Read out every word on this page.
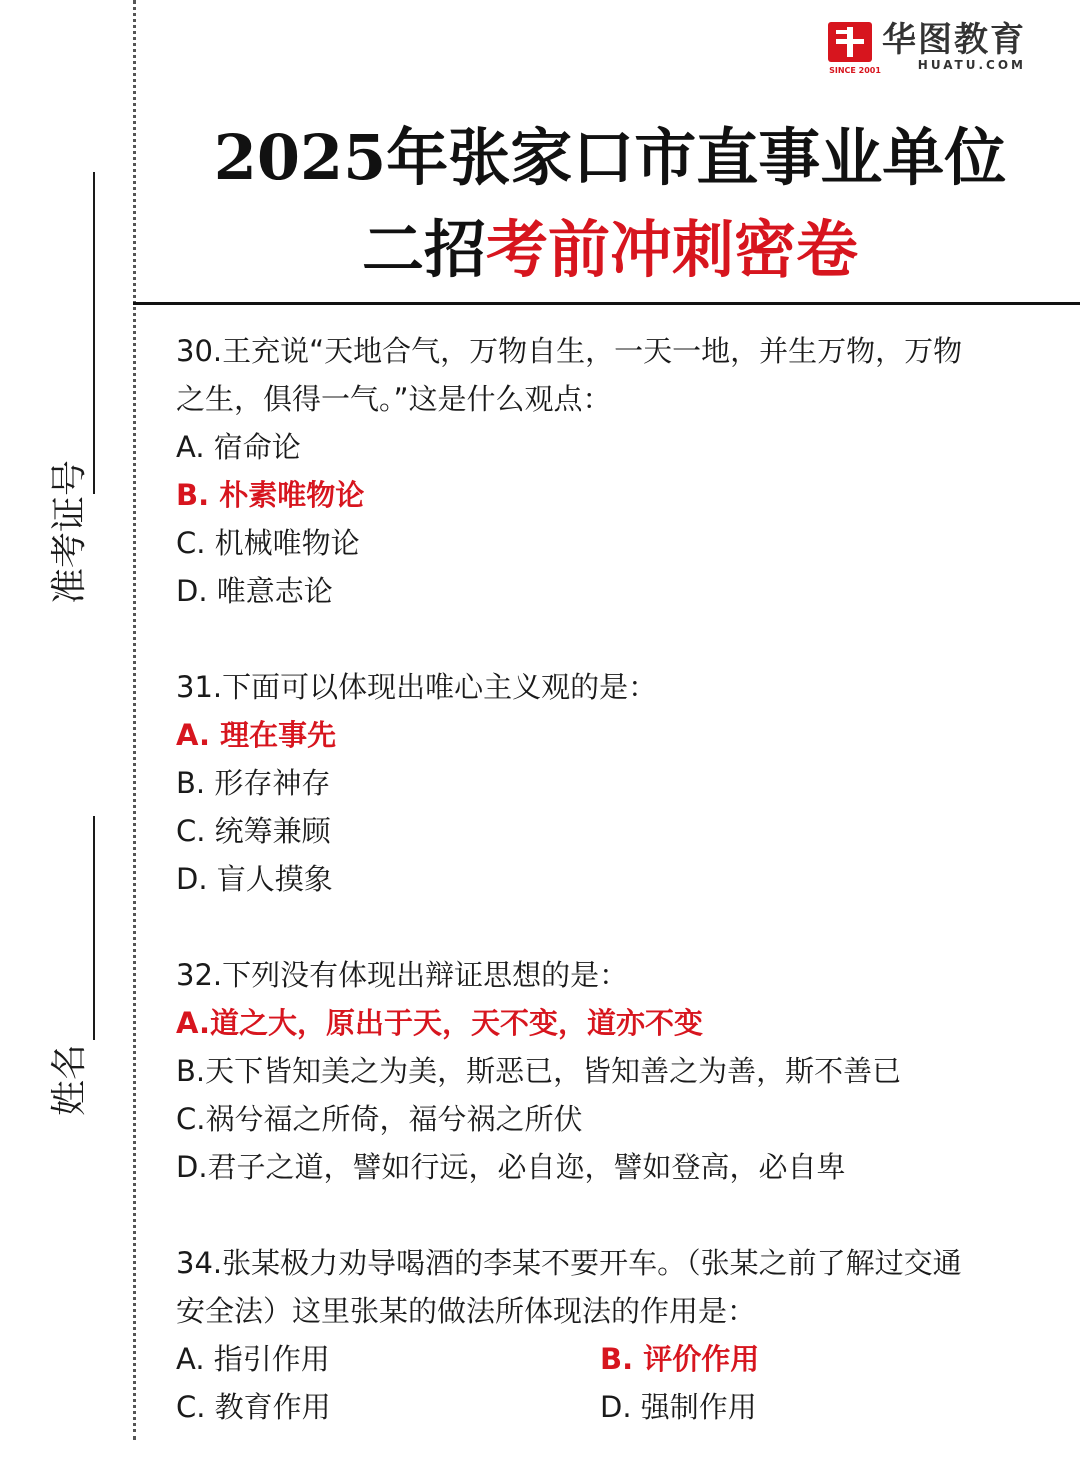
准考证号
姓名
SINCE 2001
华图教育
HUATU.COM
2025年张家口市直事业单位
二招考前冲刺密卷
30.王充说“天地合气，万物自生，一天一地，并生万物，万物
之生，俱得一气。”这是什么观点：
A. 宿命论
B. 朴素唯物论
C. 机械唯物论
D. 唯意志论
31.下面可以体现出唯心主义观的是：
A. 理在事先
B. 形存神存
C. 统筹兼顾
D. 盲人摸象
32.下列没有体现出辩证思想的是：
A.道之大，原出于天，天不变，道亦不变
B.天下皆知美之为美，斯恶已，皆知善之为善，斯不善已
C.祸兮福之所倚，福兮祸之所伏
D.君子之道，譬如行远，必自迩，譬如登高，必自卑
34.张某极力劝导喝酒的李某不要开车。（张某之前了解过交通
安全法）这里张某的做法所体现法的作用是：
A. 指引作用	B. 评价作用
C. 教育作用	D. 强制作用
